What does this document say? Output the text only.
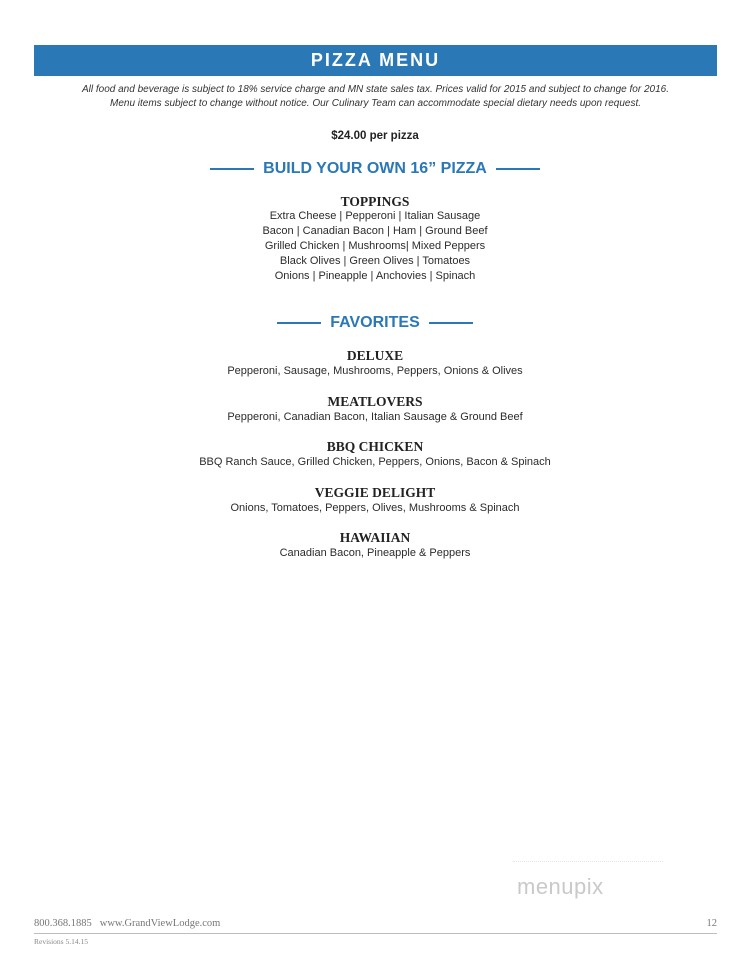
PIZZA MENU
All food and beverage is subject to 18% service charge and MN state sales tax. Prices valid for 2015 and subject to change for 2016.
Menu items subject to change without notice. Our Culinary Team can accommodate special dietary needs upon request.
$24.00 per pizza
BUILD YOUR OWN 16” PIZZA
TOPPINGS
Extra Cheese | Pepperoni | Italian Sausage
Bacon | Canadian Bacon | Ham | Ground Beef
Grilled Chicken | Mushrooms| Mixed Peppers
Black Olives | Green Olives | Tomatoes
Onions | Pineapple | Anchovies | Spinach
FAVORITES
DELUXE
Pepperoni, Sausage, Mushrooms, Peppers, Onions & Olives
MEATLOVERS
Pepperoni, Canadian Bacon, Italian Sausage & Ground Beef
BBQ CHICKEN
BBQ Ranch Sauce, Grilled Chicken, Peppers, Onions, Bacon & Spinach
VEGGIE DELIGHT
Onions, Tomatoes, Peppers, Olives, Mushrooms & Spinach
HAWAIIAN
Canadian Bacon, Pineapple & Peppers
menupix
800.368.1885 www.GrandViewLodge.com	12
Revisions 5.14.15
